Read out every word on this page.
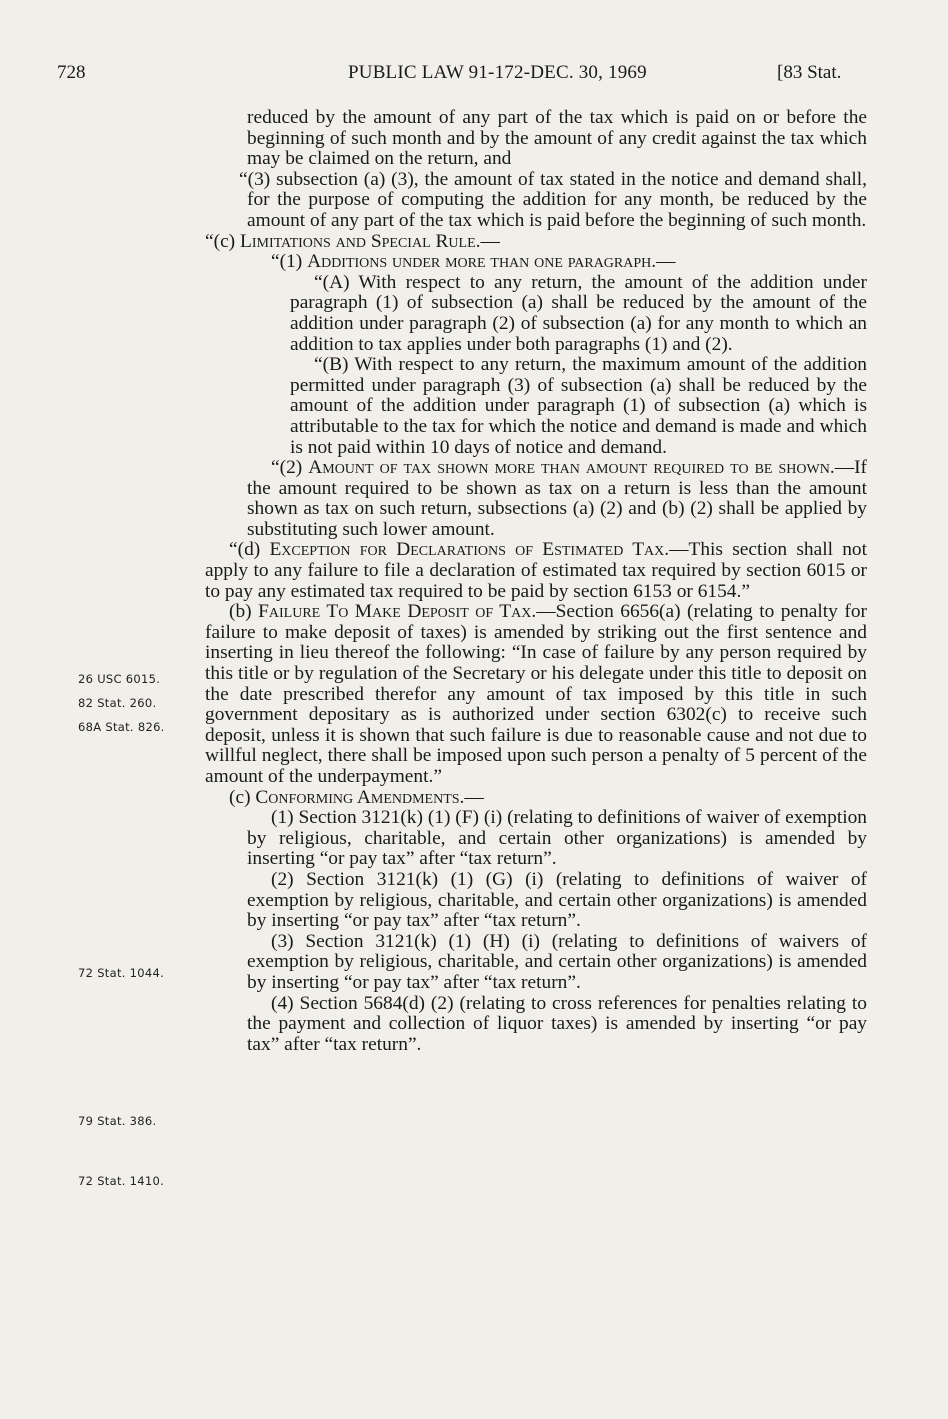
728	PUBLIC LAW 91-172-DEC. 30, 1969	[83 Stat.
26 USC 6015.
82 Stat. 260.
68A Stat. 826.
72 Stat. 1044.
79 Stat. 386.
72 Stat. 1410.

reduced by the amount of any part of the tax which is paid on or before the beginning of such month and by the amount of any credit against the tax which may be claimed on the return, and

“(3) subsection (a) (3), the amount of tax stated in the notice and demand shall, for the purpose of computing the addition for any month, be reduced by the amount of any part of the tax which is paid before the beginning of such month.

“(c) Limitations and Special Rule.—

“(1) Additions under more than one paragraph.—

“(A) With respect to any return, the amount of the addition under paragraph (1) of subsection (a) shall be reduced by the amount of the addition under paragraph (2) of subsection (a) for any month to which an addition to tax applies under both paragraphs (1) and (2).

“(B) With respect to any return, the maximum amount of the addition permitted under paragraph (3) of subsection (a) shall be reduced by the amount of the addition under paragraph (1) of subsection (a) which is attributable to the tax for which the notice and demand is made and which is not paid within 10 days of notice and demand.

“(2) Amount of tax shown more than amount required to be shown.—If the amount required to be shown as tax on a return is less than the amount shown as tax on such return, subsections (a) (2) and (b) (2) shall be applied by substituting such lower amount.

“(d) Exception for Declarations of Estimated Tax.—This section shall not apply to any failure to file a declaration of estimated tax required by section 6015 or to pay any estimated tax required to be paid by section 6153 or 6154.”

(b) Failure To Make Deposit of Tax.—Section 6656(a) (relating to penalty for failure to make deposit of taxes) is amended by striking out the first sentence and inserting in lieu thereof the following: “In case of failure by any person required by this title or by regulation of the Secretary or his delegate under this title to deposit on the date prescribed therefor any amount of tax imposed by this title in such government depositary as is authorized under section 6302(c) to receive such deposit, unless it is shown that such failure is due to reasonable cause and not due to willful neglect, there shall be imposed upon such person a penalty of 5 percent of the amount of the underpayment.”

(c) Conforming Amendments.—

(1) Section 3121(k) (1) (F) (i) (relating to definitions of waiver of exemption by religious, charitable, and certain other organizations) is amended by inserting “or pay tax” after “tax return”.

(2) Section 3121(k) (1) (G) (i) (relating to definitions of waiver of exemption by religious, charitable, and certain other organizations) is amended by inserting “or pay tax” after “tax return”.

(3) Section 3121(k) (1) (H) (i) (relating to definitions of waivers of exemption by religious, charitable, and certain other organizations) is amended by inserting “or pay tax” after “tax return”.

(4) Section 5684(d) (2) (relating to cross references for penalties relating to the payment and collection of liquor taxes) is amended by inserting “or pay tax” after “tax return”.
